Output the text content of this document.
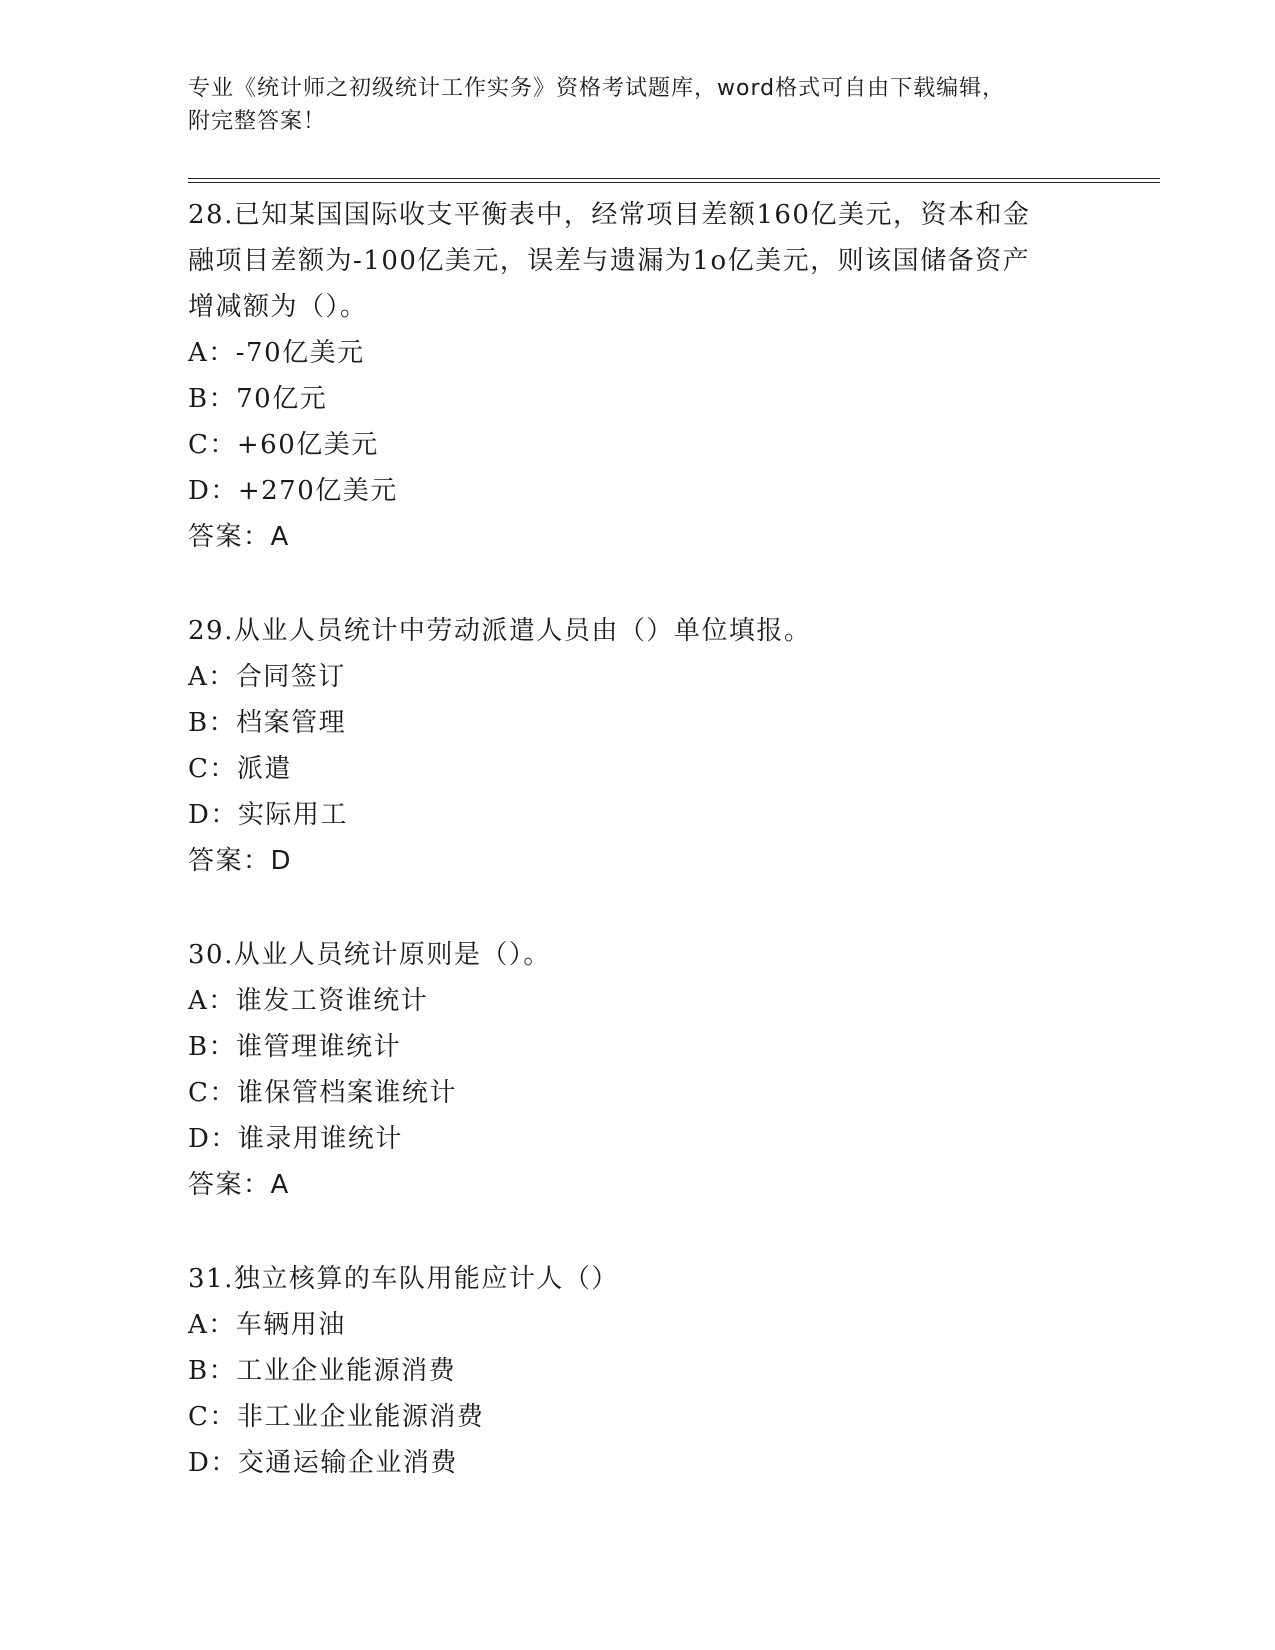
专业《统计师之初级统计工作实务》资格考试题库，word格式可自由下载编辑，
附完整答案！
28.已知某国国际收支平衡表中，经常项目差额160亿美元，资本和金
融项目差额为-100亿美元，误差与遗漏为1o亿美元，则该国储备资产
增减额为（）。
A：-70亿美元
B：70亿元
C：+60亿美元
D：+270亿美元
答案：A
29.从业人员统计中劳动派遣人员由（）单位填报。
A：合同签订
B：档案管理
C：派遣
D：实际用工
答案：D
30.从业人员统计原则是（）。
A：谁发工资谁统计
B：谁管理谁统计
C：谁保管档案谁统计
D：谁录用谁统计
答案：A
31.独立核算的车队用能应计人（）
A：车辆用油
B：工业企业能源消费
C：非工业企业能源消费
D：交通运输企业消费
